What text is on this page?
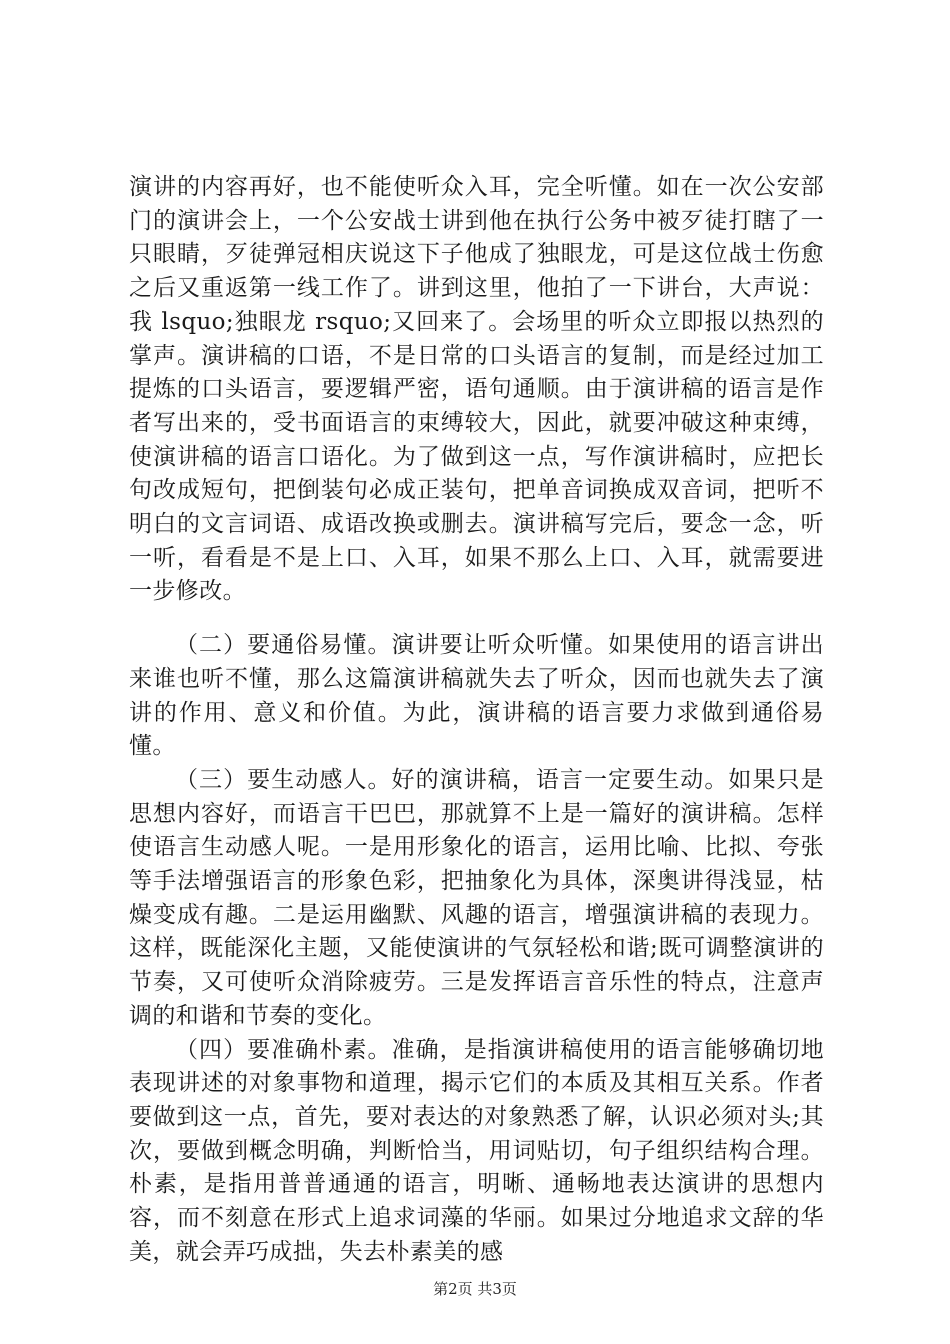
演讲的内容再好，也不能使听众入耳，完全听懂。如在一次公安部门的演讲会上，一个公安战士讲到他在执行公务中被歹徒打瞎了一只眼睛，歹徒弹冠相庆说这下子他成了独眼龙，可是这位战士伤愈之后又重返第一线工作了。讲到这里，他拍了一下讲台，大声说：我 lsquo;独眼龙 rsquo;又回来了。会场里的听众立即报以热烈的掌声。演讲稿的口语，不是日常的口头语言的复制，而是经过加工提炼的口头语言，要逻辑严密，语句通顺。由于演讲稿的语言是作者写出来的，受书面语言的束缚较大，因此，就要冲破这种束缚，使演讲稿的语言口语化。为了做到这一点，写作演讲稿时，应把长句改成短句，把倒装句必成正装句，把单音词换成双音词，把听不明白的文言词语、成语改换或删去。演讲稿写完后，要念一念，听一听，看看是不是上口、入耳，如果不那么上口、入耳，就需要进一步修改。

（二）要通俗易懂。演讲要让听众听懂。如果使用的语言讲出来谁也听不懂，那么这篇演讲稿就失去了听众，因而也就失去了演讲的作用、意义和价值。为此，演讲稿的语言要力求做到通俗易懂。

（三）要生动感人。好的演讲稿，语言一定要生动。如果只是思想内容好，而语言干巴巴，那就算不上是一篇好的演讲稿。怎样使语言生动感人呢。一是用形象化的语言，运用比喻、比拟、夸张等手法增强语言的形象色彩，把抽象化为具体，深奥讲得浅显，枯燥变成有趣。二是运用幽默、风趣的语言，增强演讲稿的表现力。这样，既能深化主题，又能使演讲的气氛轻松和谐;既可调整演讲的节奏，又可使听众消除疲劳。三是发挥语言音乐性的特点，注意声调的和谐和节奏的变化。

（四）要准确朴素。准确，是指演讲稿使用的语言能够确切地表现讲述的对象事物和道理，揭示它们的本质及其相互关系。作者要做到这一点，首先，要对表达的对象熟悉了解，认识必须对头;其次，要做到概念明确，判断恰当，用词贴切，句子组织结构合理。朴素，是指用普普通通的语言，明晰、通畅地表达演讲的思想内容，而不刻意在形式上追求词藻的华丽。如果过分地追求文辞的华美，就会弄巧成拙，失去朴素美的感

第2页 共3页
